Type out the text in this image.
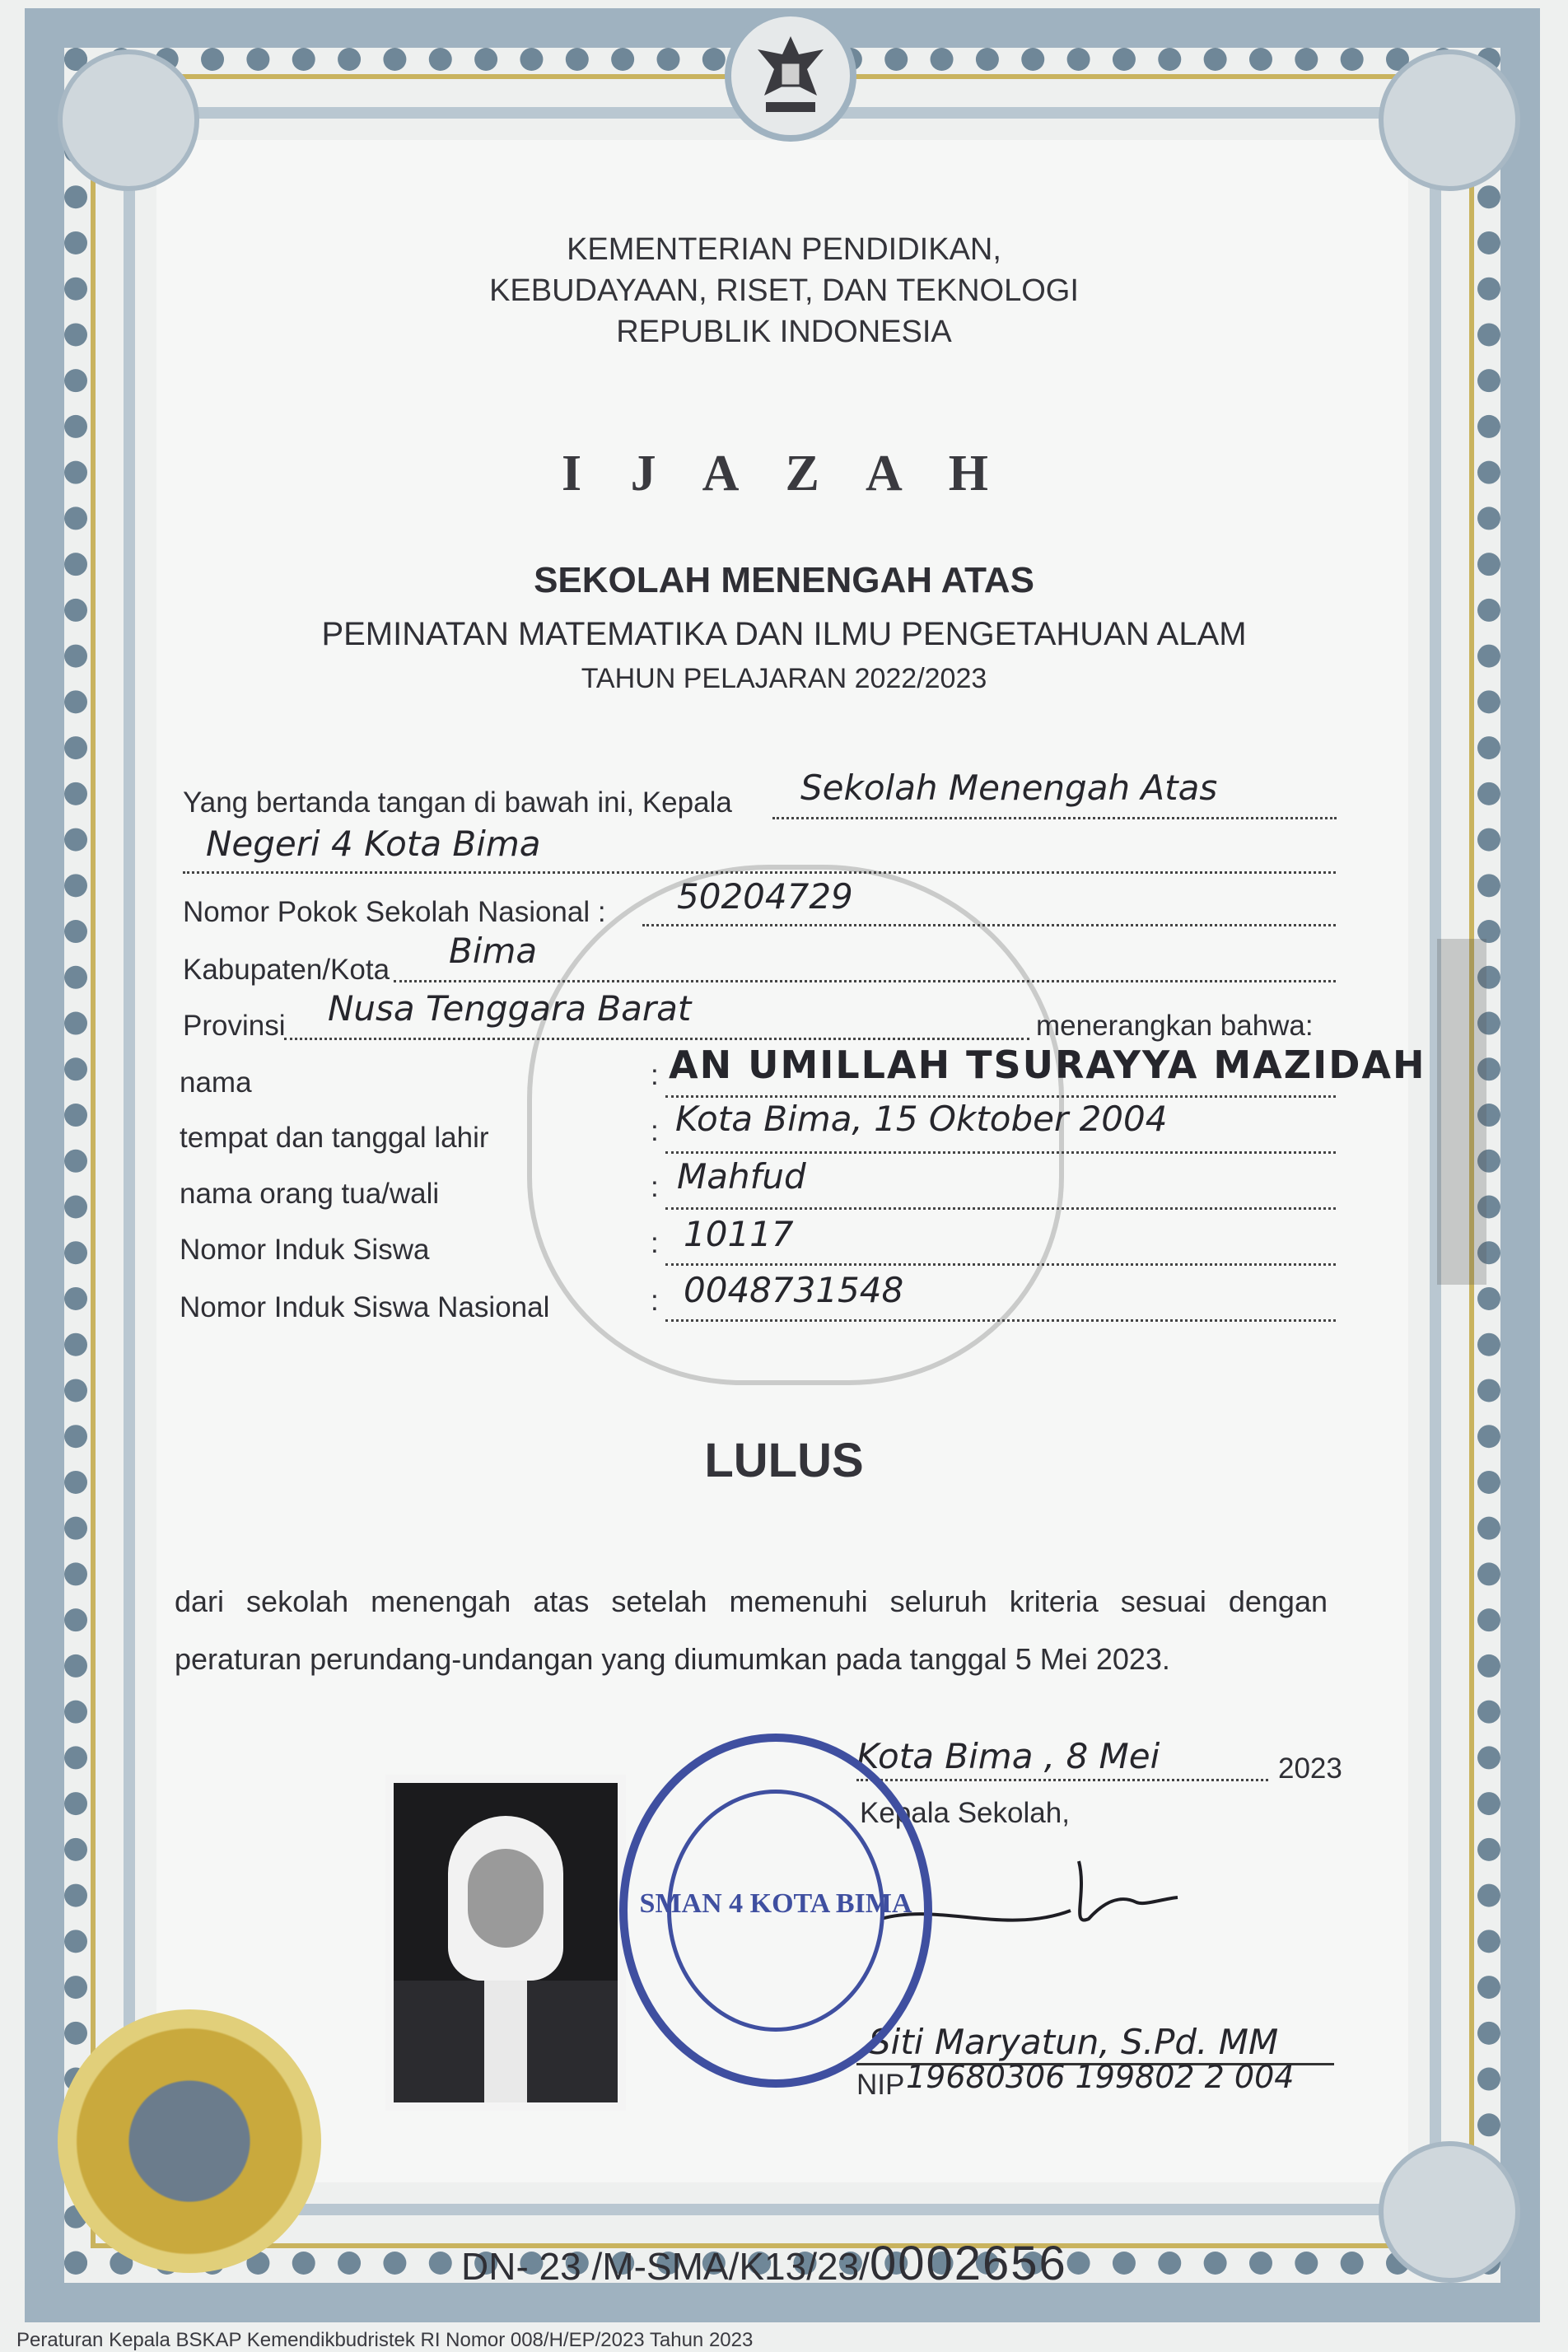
KEMENTERIAN PENDIDIKAN,
KEBUDAYAAN, RISET, DAN TEKNOLOGI
REPUBLIK INDONESIA
I J A Z A H
SEKOLAH MENENGAH ATAS
PEMINATAN MATEMATIKA DAN ILMU PENGETAHUAN ALAM
TAHUN PELAJARAN 2022/2023
Yang bertanda tangan di bawah ini, Kepala Sekolah Menengah Atas
Negeri 4 Kota Bima
Nomor Pokok Sekolah Nasional : 50204729
Kabupaten/Kota Bima
Provinsi Nusa Tenggara Barat	menerangkan bahwa:
nama	: AN UMILLAH TSURAYYA MAZIDAH
tempat dan tanggal lahir	: Kota Bima, 15 Oktober 2004
nama orang tua/wali	: Mahfud
Nomor Induk Siswa	: 10117
Nomor Induk Siswa Nasional	: 0048731548
LULUS
dari sekolah menengah atas setelah memenuhi seluruh kriteria sesuai dengan peraturan perundang-undangan yang diumumkan pada tanggal 5 Mei 2023.
Kota Bima , 8 Mei	2023
Kepala Sekolah,
Siti Maryatun, S.Pd. MM
NIP 19680306 199802 2 004
SMAN 4 KOTA BIMA
DN- 23 /M-SMA/K13/23/0002656
Peraturan Kepala BSKAP Kemendikbudristek RI Nomor 008/H/EP/2023 Tahun 2023
